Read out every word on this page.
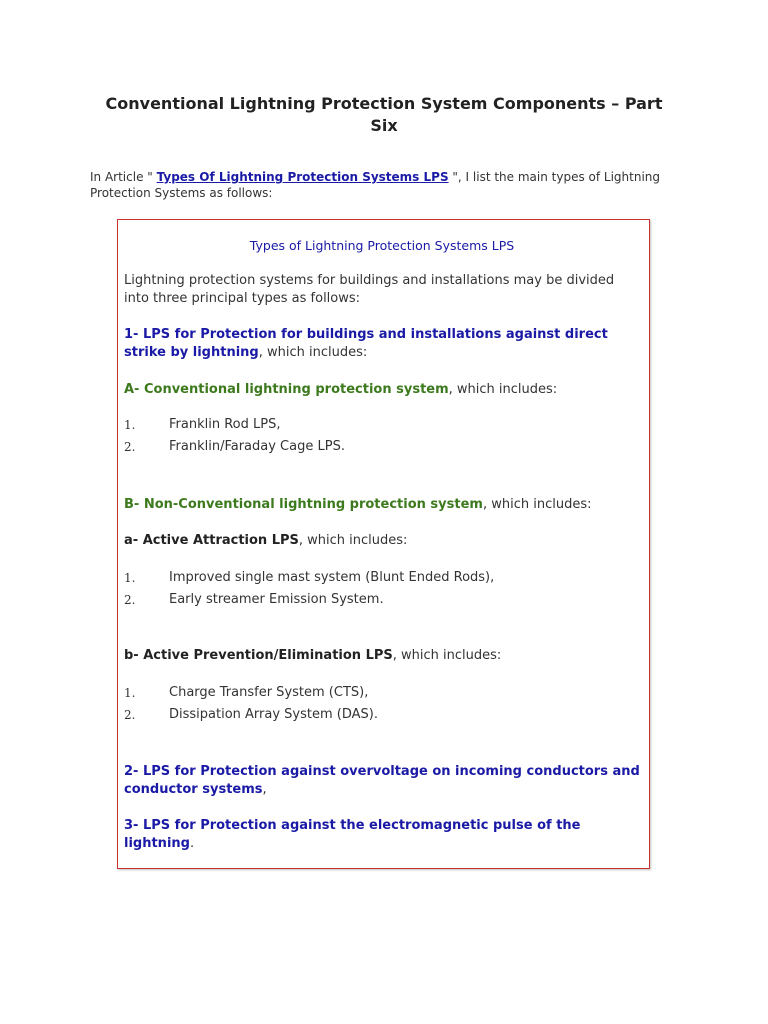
Conventional Lightning Protection System Components – Part Six

In Article " Types Of Lightning Protection Systems LPS ", I list the main types of Lightning Protection Systems as follows:

Types of Lightning Protection Systems LPS

Lightning protection systems for buildings and installations may be divided into three principal types as follows:

1- LPS for Protection for buildings and installations against direct strike by lightning, which includes:

A- Conventional lightning protection system, which includes:

1.	Franklin Rod LPS,
2.	Franklin/Faraday Cage LPS.

B- Non-Conventional lightning protection system, which includes:

a- Active Attraction LPS, which includes:

1.	Improved single mast system (Blunt Ended Rods),
2.	Early streamer Emission System.

b- Active Prevention/Elimination LPS, which includes:

1.	Charge Transfer System (CTS),
2.	Dissipation Array System (DAS).

2- LPS for Protection against overvoltage on incoming conductors and conductor systems,

3- LPS for Protection against the electromagnetic pulse of the lightning.
